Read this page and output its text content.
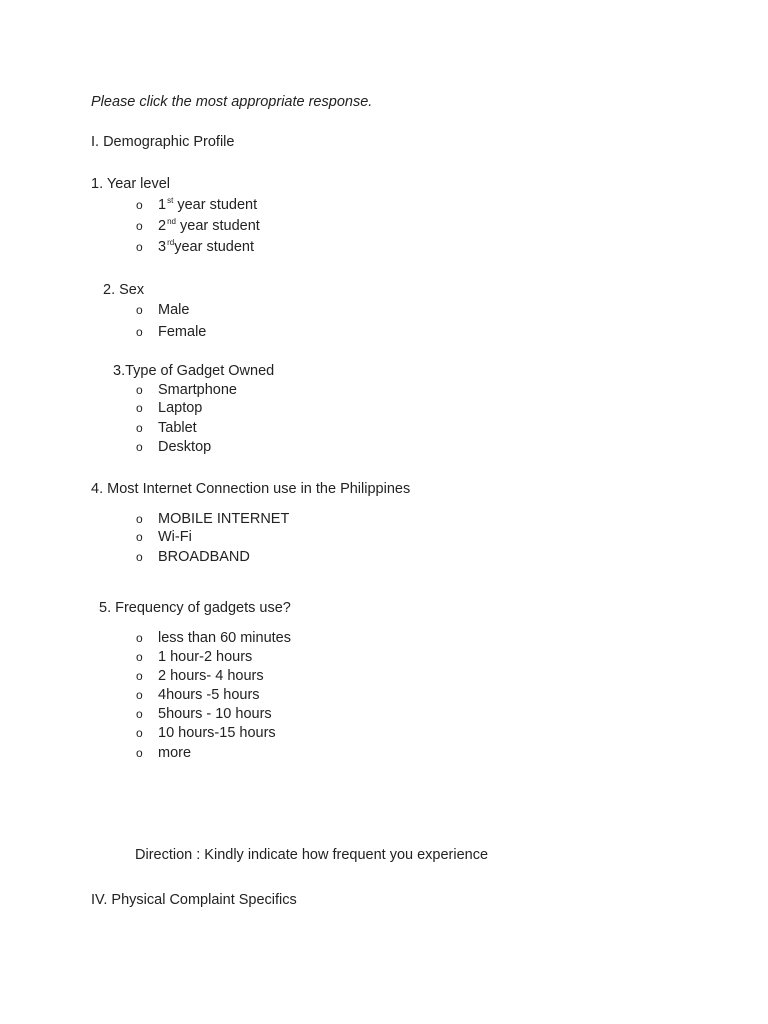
Please click the most appropriate response.
I. Demographic Profile
1. Year level
o	1st year student
o	2nd year student
o	3rdyear student
2. Sex
o	Male
o	Female
3.Type of Gadget Owned
o	Smartphone
o	Laptop
o	Tablet
o	Desktop
4. Most Internet Connection use in the Philippines
o	MOBILE INTERNET
o	Wi-Fi
o	BROADBAND
5. Frequency of gadgets use?
o	less than 60 minutes
o	1 hour-2 hours
o	2 hours- 4 hours
o	4hours -5 hours
o	5hours - 10 hours
o	10 hours-15 hours
o	more
Direction : Kindly indicate how frequent you experience
IV. Physical Complaint Specifics
